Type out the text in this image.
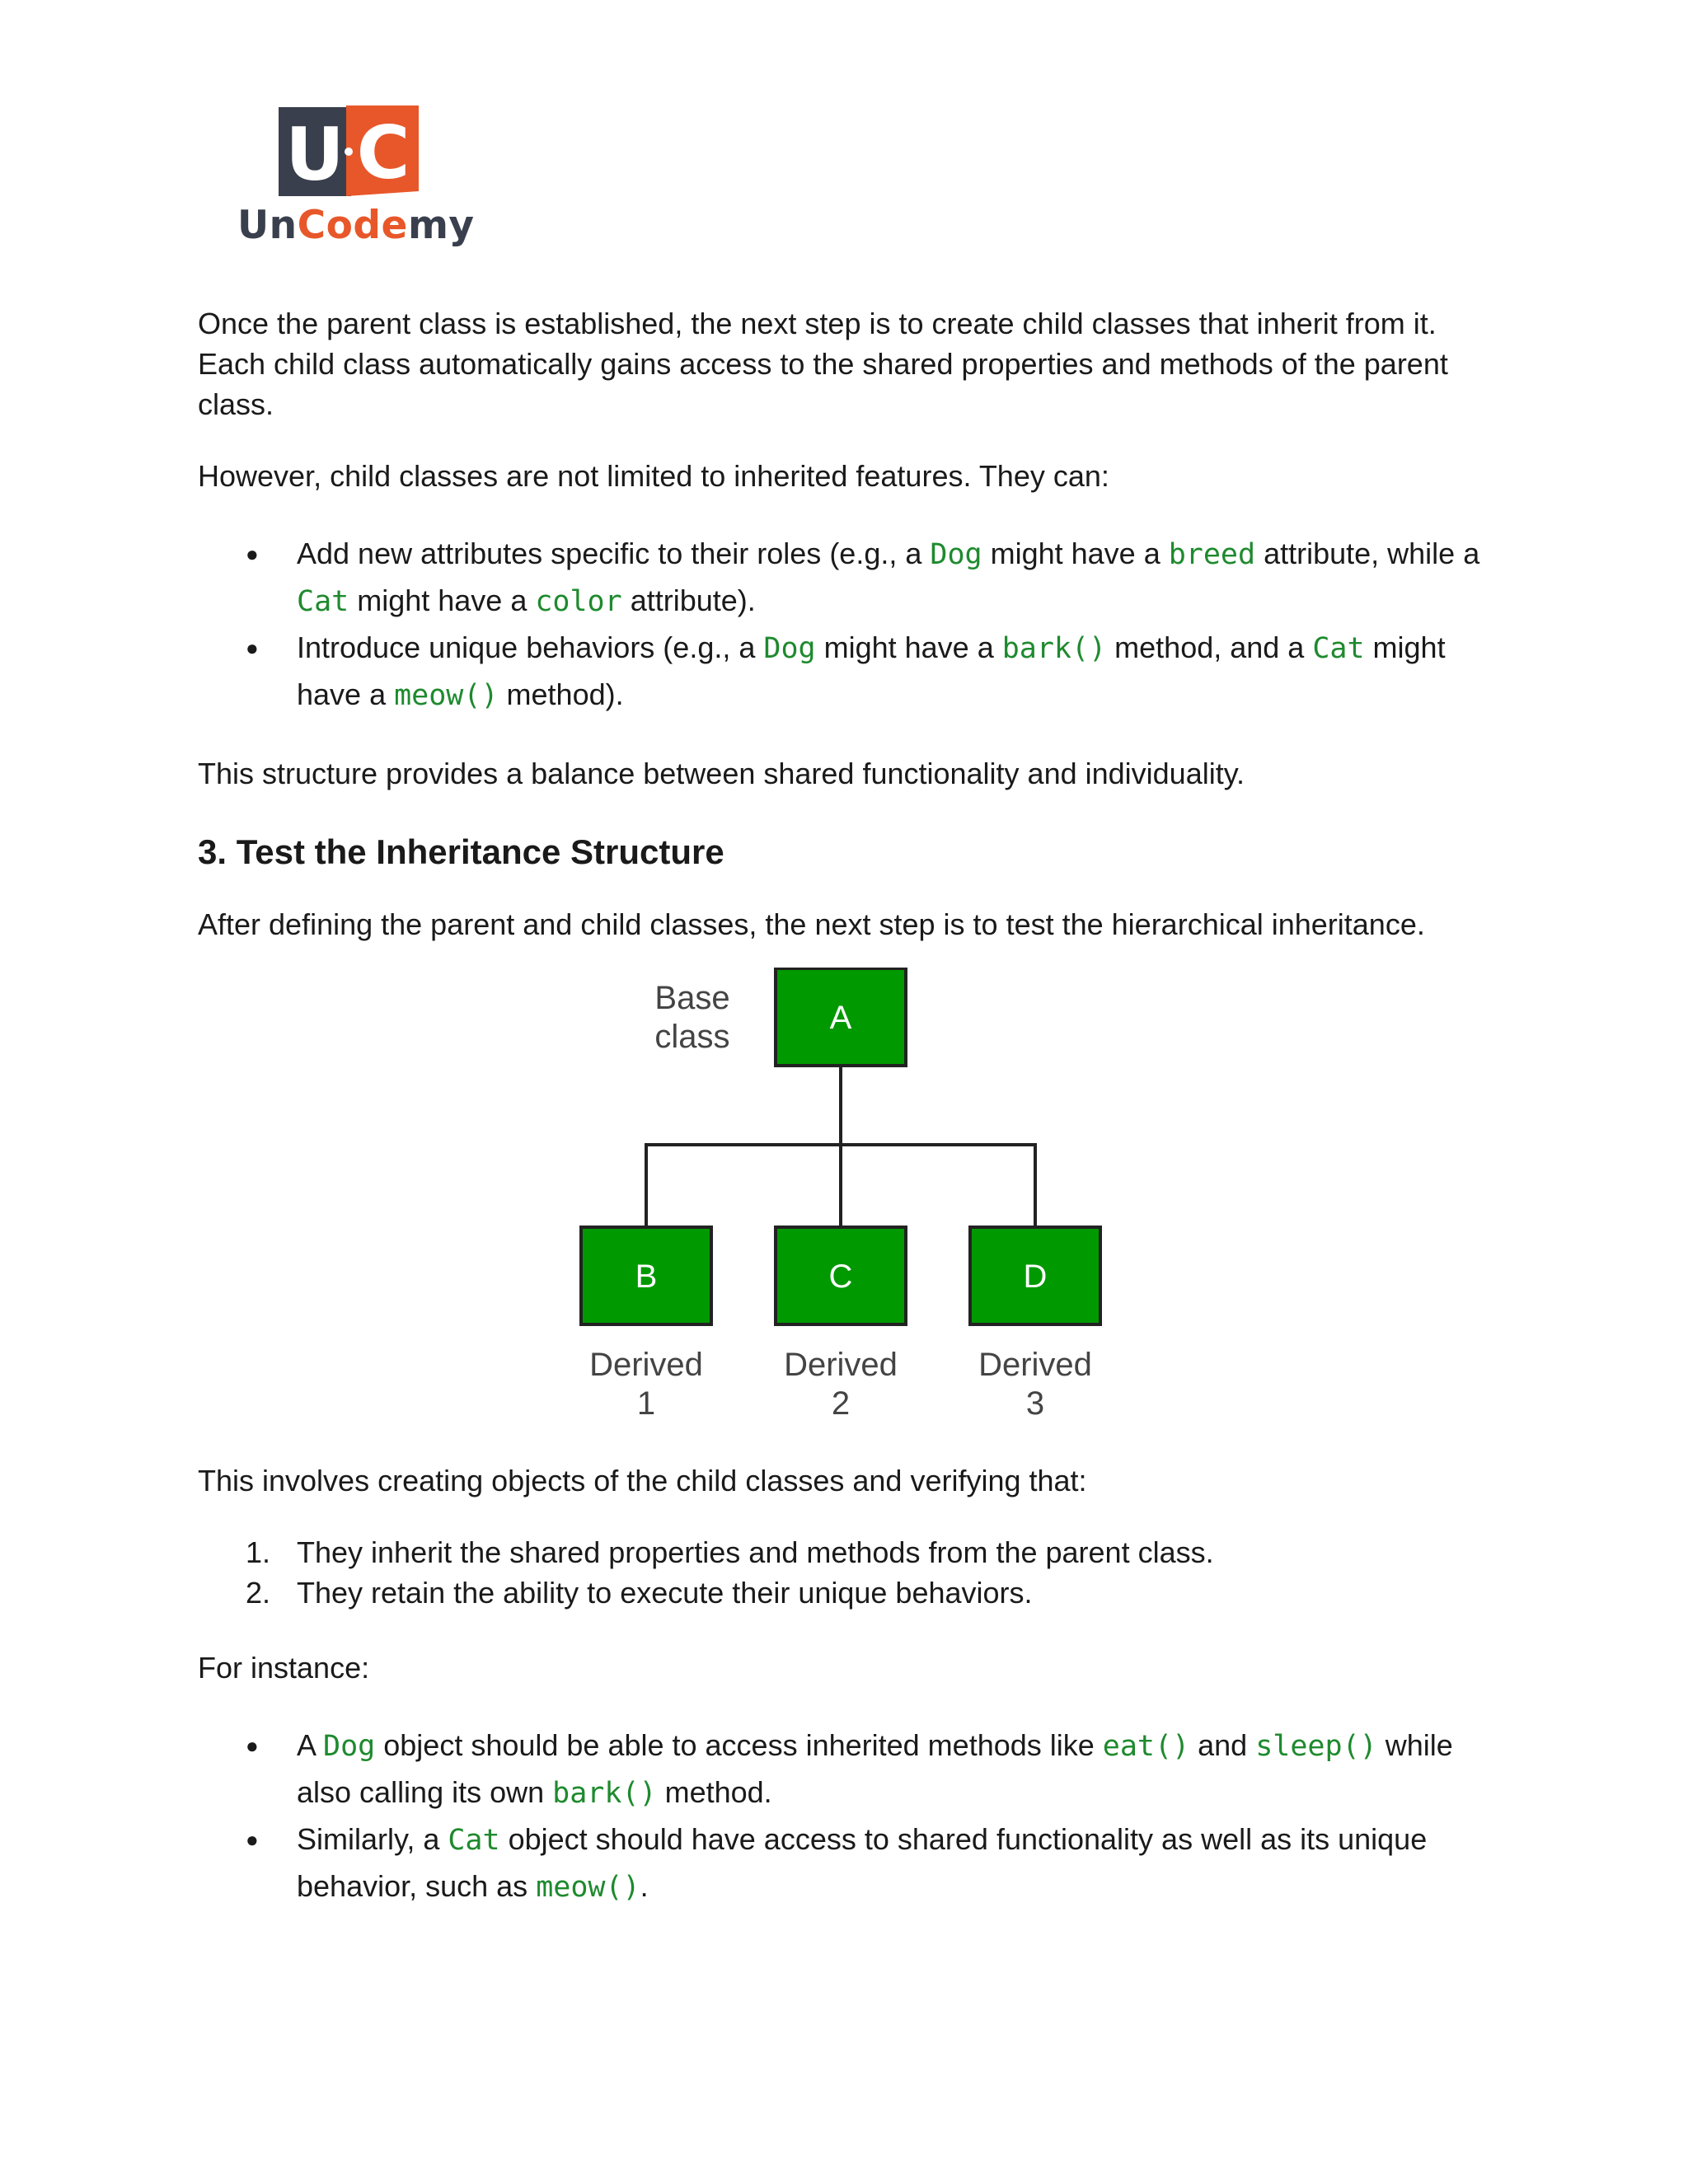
U C
UnCodemy

Once the parent class is established, the next step is to create child classes that inherit from it. Each child class automatically gains access to the shared properties and methods of the parent class.

However, child classes are not limited to inherited features. They can:

● Add new attributes specific to their roles (e.g., a Dog might have a breed attribute, while a Cat might have a color attribute).
● Introduce unique behaviors (e.g., a Dog might have a bark() method, and a Cat might have a meow() method).

This structure provides a balance between shared functionality and individuality.

3. Test the Inheritance Structure

After defining the parent and child classes, the next step is to test the hierarchical inheritance.

Base
class
A
B	C	D
Derived
1
Derived
2
Derived
3

This involves creating objects of the child classes and verifying that:

1. They inherit the shared properties and methods from the parent class.
2. They retain the ability to execute their unique behaviors.

For instance:

● A Dog object should be able to access inherited methods like eat() and sleep() while also calling its own bark() method.
● Similarly, a Cat object should have access to shared functionality as well as its unique behavior, such as meow().
